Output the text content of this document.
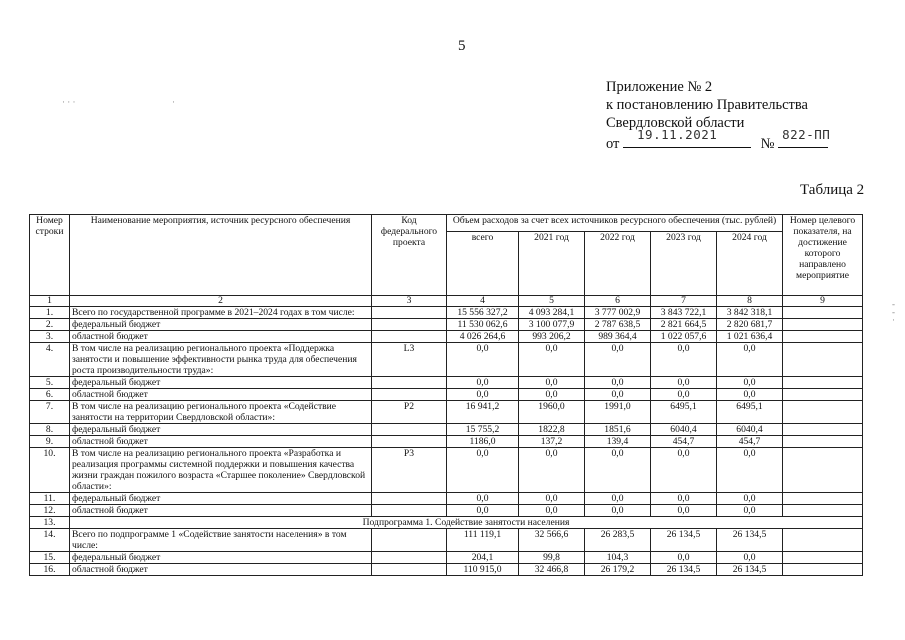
5
Приложение № 2
к постановлению Правительства
Свердловской области
от
19.11.2021
№
822-ПП
Таблица 2
· · ·	·
-
-
·
Номер строки	Наименование мероприятия, источник ресурсного обеспечения	Код федерального проекта	Объем расходов за счет всех источников ресурсного обеспечения (тыс. рублей)					Номер целевого показателя, на достижение которого направлено мероприятие
			всего	2021 год	2022 год	2023 год	2024 год	
1	2	3	4	5	6	7	8	9
1.	Всего по государственной программе в 2021–2024 годах в том числе:		15 556 327,2	4 093 284,1	3 777 002,9	3 843 722,1	3 842 318,1	
2.	федеральный бюджет		11 530 062,6	3 100 077,9	2 787 638,5	2 821 664,5	2 820 681,7	
3.	областной бюджет		4 026 264,6	993 206,2	989 364,4	1 022 057,6	1 021 636,4	
4.	В том числе на реализацию регионального проекта «Поддержка занятости и повышение эффективности рынка труда для обеспечения роста производительности труда»:	L3	0,0	0,0	0,0	0,0	0,0	
5.	федеральный бюджет		0,0	0,0	0,0	0,0	0,0	
6.	областной бюджет		0,0	0,0	0,0	0,0	0,0	
7.	В том числе на реализацию регионального проекта «Содействие занятости на территории Свердловской области»:	P2	16 941,2	1960,0	1991,0	6495,1	6495,1	
8.	федеральный бюджет		15 755,2	1822,8	1851,6	6040,4	6040,4	
9.	областной бюджет		1186,0	137,2	139,4	454,7	454,7	
10.	В том числе на реализацию регионального проекта «Разработка и реализация программы системной поддержки и повышения качества жизни граждан пожилого возраста «Старшее поколение» Свердловской области»:	P3	0,0	0,0	0,0	0,0	0,0	
11.	федеральный бюджет		0,0	0,0	0,0	0,0	0,0	
12.	областной бюджет		0,0	0,0	0,0	0,0	0,0	
13.	Подпрограмма 1. Содействие занятости населения							
14.	Всего по подпрограмме 1 «Содействие занятости населения» в том числе:		111 119,1	32 566,6	26 283,5	26 134,5	26 134,5	
15.	федеральный бюджет		204,1	99,8	104,3	0,0	0,0	
16.	областной бюджет		110 915,0	32 466,8	26 179,2	26 134,5	26 134,5	
